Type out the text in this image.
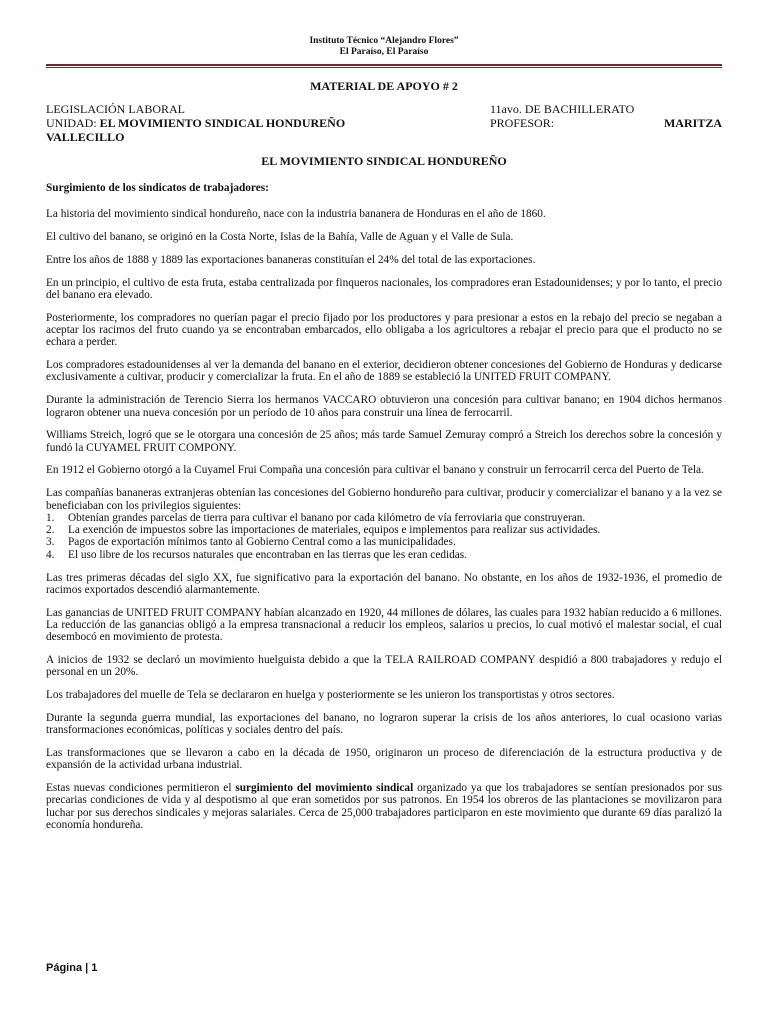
Instituto Técnico “Alejandro Flores”
El Paraíso, El Paraíso
MATERIAL DE APOYO # 2
LEGISLACIÓN LABORAL	11avo. DE BACHILLERATO
UNIDAD: EL MOVIMIENTO SINDICAL HONDUREÑO	PROFESOR:	MARITZA
VALLECILLO
EL MOVIMIENTO SINDICAL HONDUREÑO

Surgimiento de los sindicatos de trabajadores:

La historia del movimiento sindical hondureño, nace con la industria bananera de Honduras en el año de 1860.

El cultivo del banano, se originó en la Costa Norte, Islas de la Bahía, Valle de Aguan y el Valle de Sula.

Entre los años de 1888 y 1889 las exportaciones bananeras constituían el 24% del total de las exportaciones.

En un principio, el cultivo de esta fruta, estaba centralizada por finqueros nacionales, los compradores eran Estadounidenses; y por lo tanto, el precio del banano era elevado.

Posteriormente, los compradores no querían pagar el precio fijado por los productores y para presionar a estos en la rebajo del precio se negaban a aceptar los racimos del fruto cuando ya se encontraban embarcados, ello obligaba a los agricultores a rebajar el precio para que el producto no se echara a perder.

Los compradores estadounidenses al ver la demanda del banano en el exterior, decidieron obtener concesiones del Gobierno de Honduras y dedicarse exclusivamente a cultivar, producir y comercializar la fruta. En el año de 1889 se estableció la UNITED FRUIT COMPANY.

Durante la administración de Terencio Sierra los hermanos VACCARO obtuvieron una concesión para cultivar banano; en 1904 dichos hermanos lograron obtener una nueva concesión por un período de 10 años para construir una línea de ferrocarril.

Williams Streich, logró que se le otorgara una concesión de 25 años; más tarde Samuel Zemuray compró a Streich los derechos sobre la concesión y fundó la CUYAMEL FRUIT COMPONY.

En 1912 el Gobierno otorgó a la Cuyamel Frui Compaña una concesión para cultivar el banano y construir un ferrocarril cerca del Puerto de Tela.

Las compañías bananeras extranjeras obtenían las concesiones del Gobierno hondureño para cultivar, producir y comercializar el banano y a la vez se beneficiaban con los privilegios siguientes:

1. Obtenían grandes parcelas de tierra para cultivar el banano por cada kilómetro de vía ferroviaria que construyeran.
2. La exención de impuestos sobre las importaciones de materiales, equipos e implementos para realizar sus actividades.
3. Pagos de exportación mínimos tanto al Gobierno Central como a las municipalidades.
4. El uso libre de los recursos naturales que encontraban en las tierras que les eran cedidas.

Las tres primeras décadas del siglo XX, fue significativo para la exportación del banano. No obstante, en los años de 1932-1936, el promedio de racimos exportados descendió alarmantemente.

Las ganancias de UNITED FRUIT COMPANY habían alcanzado en 1920, 44 millones de dólares, las cuales para 1932 habían reducido a 6 millones. La reducción de las ganancias obligó a la empresa transnacional a reducir los empleos, salarios u precios, lo cual motivó el malestar social, el cual desembocó en movimiento de protesta.

A inicios de 1932 se declaró un movimiento huelguista debido a que la TELA RAILROAD COMPANY despidió a 800 trabajadores y redujo el personal en un 20%.

Los trabajadores del muelle de Tela se declararon en huelga y posteriormente se les unieron los transportistas y otros sectores.

Durante la segunda guerra mundial, las exportaciones del banano, no lograron superar la crisis de los años anteriores, lo cual ocasiono varias transformaciones económicas, políticas y sociales dentro del país.

Las transformaciones que se llevaron a cabo en la década de 1950, originaron un proceso de diferenciación de la estructura productiva y de expansión de la actividad urbana industrial.

Estas nuevas condiciones permitieron el surgimiento del movimiento sindical organizado ya que los trabajadores se sentían presionados por sus precarias condiciones de vida y al despotismo al que eran sometidos por sus patronos. En 1954 los obreros de las plantaciones se movilizaron para luchar por sus derechos sindicales y mejoras salariales. Cerca de 25,000 trabajadores participaron en este movimiento que durante 69 días paralizó la economía hondureña.

Página | 1
